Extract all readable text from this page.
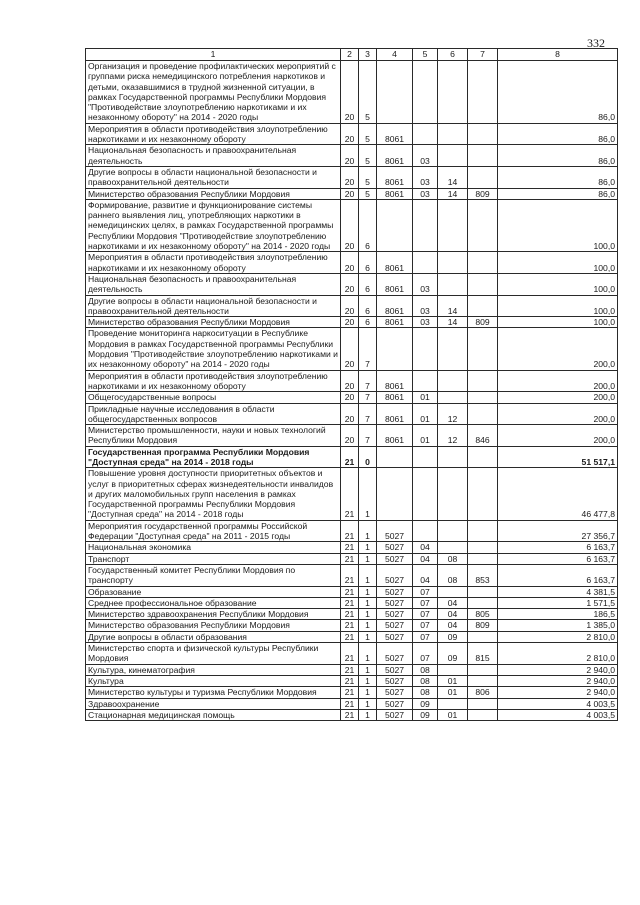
332
1	2	3	4	5	6	7	8
Организация и проведение профилактических мероприятий с группами риска немедицинского потребления наркотиков и детьми, оказавшимися в трудной жизненной ситуации, в рамках Государственной программы Республики Мордовия "Противодействие злоупотреблению наркотиками и их незаконному обороту" на 2014 - 2020 годы	20	5					86,0
Мероприятия в области противодействия злоупотреблению наркотиками и их незаконному обороту	20	5	8061				86,0
Национальная безопасность и правоохранительная деятельность	20	5	8061	03			86,0
Другие вопросы в области национальной безопасности и правоохранительной деятельности	20	5	8061	03	14		86,0
Министерство образования Республики Мордовия	20	5	8061	03	14	809	86,0
Формирование, развитие и функционирование системы раннего выявления лиц, употребляющих наркотики в немедицинских целях, в рамках Государственной программы Республики Мордовия "Противодействие злоупотреблению наркотиками и их незаконному обороту" на 2014 - 2020 годы	20	6					100,0
Мероприятия в области противодействия злоупотреблению наркотиками и их незаконному обороту	20	6	8061				100,0
Национальная безопасность и правоохранительная деятельность	20	6	8061	03			100,0
Другие вопросы в области национальной безопасности и правоохранительной деятельности	20	6	8061	03	14		100,0
Министерство образования Республики Мордовия	20	6	8061	03	14	809	100,0
Проведение мониторинга наркоситуации в Республике Мордовия в рамках Государственной программы Республики Мордовия "Противодействие злоупотреблению наркотиками и их незаконному обороту" на 2014 - 2020 годы	20	7					200,0
Мероприятия в области противодействия злоупотреблению наркотиками и их незаконному обороту	20	7	8061				200,0
Общегосударственные вопросы	20	7	8061	01			200,0
Прикладные научные исследования в области общегосударственных вопросов	20	7	8061	01	12		200,0
Министерство промышленности, науки и новых технологий Республики Мордовия	20	7	8061	01	12	846	200,0
Государственная программа Республики Мордовия "Доступная среда" на 2014 - 2018 годы	21	0					51 517,1
Повышение уровня доступности приоритетных объектов и услуг в приоритетных сферах жизнедеятельности инвалидов и других маломобильных групп населения в рамках Государственной программы Республики Мордовия "Доступная среда" на 2014 - 2018 годы	21	1					46 477,8
Мероприятия государственной программы Российской Федерации "Доступная среда" на 2011 - 2015 годы	21	1	5027				27 356,7
Национальная экономика	21	1	5027	04			6 163,7
Транспорт	21	1	5027	04	08		6 163,7
Государственный комитет Республики Мордовия по транспорту	21	1	5027	04	08	853	6 163,7
Образование	21	1	5027	07			4 381,5
Среднее профессиональное образование	21	1	5027	07	04		1 571,5
Министерство здравоохранения Республики Мордовия	21	1	5027	07	04	805	186,5
Министерство образования Республики Мордовия	21	1	5027	07	04	809	1 385,0
Другие вопросы в области образования	21	1	5027	07	09		2 810,0
Министерство спорта и физической культуры Республики Мордовия	21	1	5027	07	09	815	2 810,0
Культура, кинематография	21	1	5027	08			2 940,0
Культура	21	1	5027	08	01		2 940,0
Министерство культуры и туризма Республики Мордовия	21	1	5027	08	01	806	2 940,0
Здравоохранение	21	1	5027	09			4 003,5
Стационарная медицинская помощь	21	1	5027	09	01		4 003,5
